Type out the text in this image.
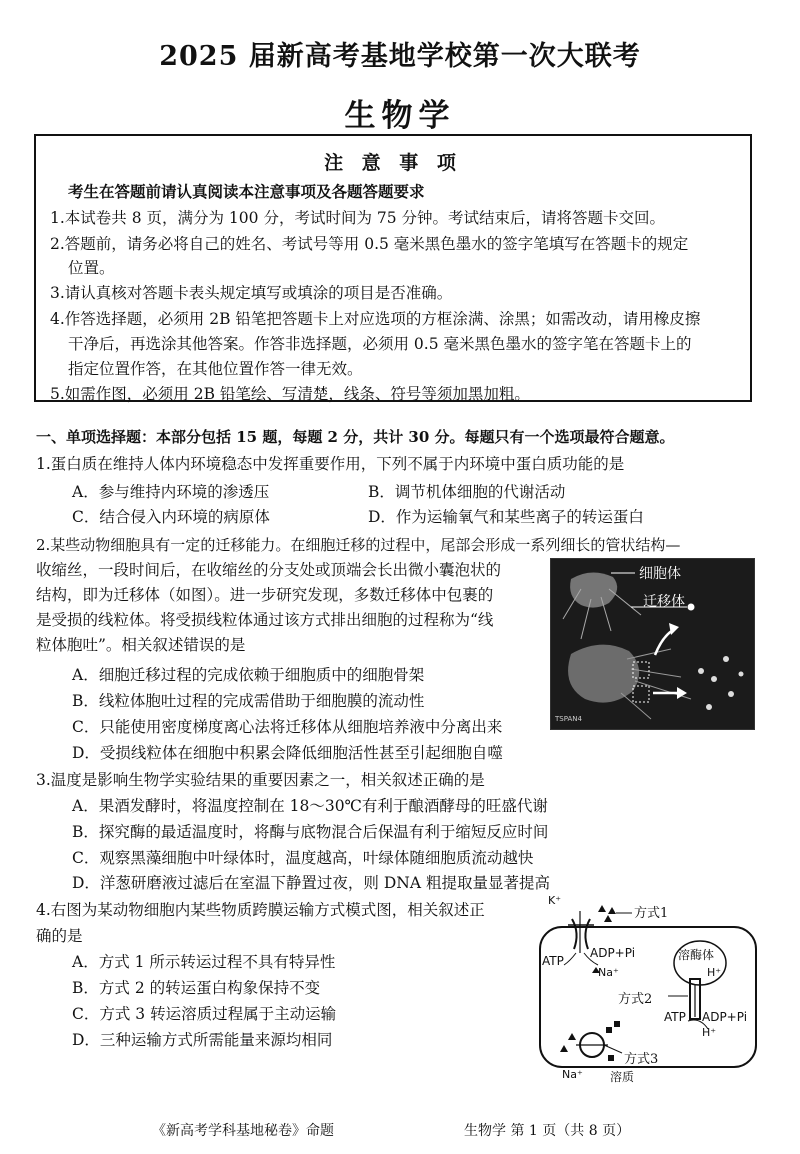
2025 届新高考基地学校第一次大联考
生物学
注 意 事 项
考生在答题前请认真阅读本注意事项及各题答题要求
1.本试卷共 8 页，满分为 100 分，考试时间为 75 分钟。考试结束后，请将答题卡交回。
2.答题前，请务必将自己的姓名、考试号等用 0.5 毫米黑色墨水的签字笔填写在答题卡的规定
位置。
3.请认真核对答题卡表头规定填写或填涂的项目是否准确。
4.作答选择题，必须用 2B 铅笔把答题卡上对应选项的方框涂满、涂黑；如需改动，请用橡皮擦
干净后，再选涂其他答案。作答非选择题，必须用 0.5 毫米黑色墨水的签字笔在答题卡上的
指定位置作答，在其他位置作答一律无效。
5.如需作图，必须用 2B 铅笔绘、写清楚，线条、符号等须加黑加粗。
一、单项选择题：本部分包括 15 题，每题 2 分，共计 30 分。每题只有一个选项最符合题意。
1.蛋白质在维持人体内环境稳态中发挥重要作用，下列不属于内环境中蛋白质功能的是
A．参与维持内环境的渗透压	B．调节机体细胞的代谢活动
C．结合侵入内环境的病原体	D．作为运输氧气和某些离子的转运蛋白
2.某些动物细胞具有一定的迁移能力。在细胞迁移的过程中，尾部会形成一系列细长的管状结构—
收缩丝，一段时间后，在收缩丝的分支处或顶端会长出微小囊泡状的
结构，即为迁移体（如图）。进一步研究发现，多数迁移体中包裹的
是受损的线粒体。将受损线粒体通过该方式排出细胞的过程称为“线
粒体胞吐”。相关叙述错误的是
A．细胞迁移过程的完成依赖于细胞质中的细胞骨架
B．线粒体胞吐过程的完成需借助于细胞膜的流动性
C．只能使用密度梯度离心法将迁移体从细胞培养液中分离出来
D．受损线粒体在细胞中积累会降低细胞活性甚至引起细胞自噬
细胞体
迁移体
TSPAN4
3.温度是影响生物学实验结果的重要因素之一，相关叙述正确的是
A．果酒发酵时，将温度控制在 18～30℃有利于酿酒酵母的旺盛代谢
B．探究酶的最适温度时，将酶与底物混合后保温有利于缩短反应时间
C．观察黑藻细胞中叶绿体时，温度越高，叶绿体随细胞质流动越快
D．洋葱研磨液过滤后在室温下静置过夜，则 DNA 粗提取量显著提高
4.右图为某动物细胞内某些物质跨膜运输方式模式图，相关叙述正
确的是
A．方式 1 所示转运过程不具有特异性
B．方式 2 的转运蛋白构象保持不变
C．方式 3 转运溶质过程属于主动运输
D．三种运输方式所需能量来源均相同
K⁺
方式1
ATP
ADP+Pi
Na⁺
溶酶体
H⁺
方式2
ATP ADP+Pi
H⁺
方式3
Na⁺ 溶质
《新高考学科基地秘卷》命题	生物学 第 1 页（共 8 页）
